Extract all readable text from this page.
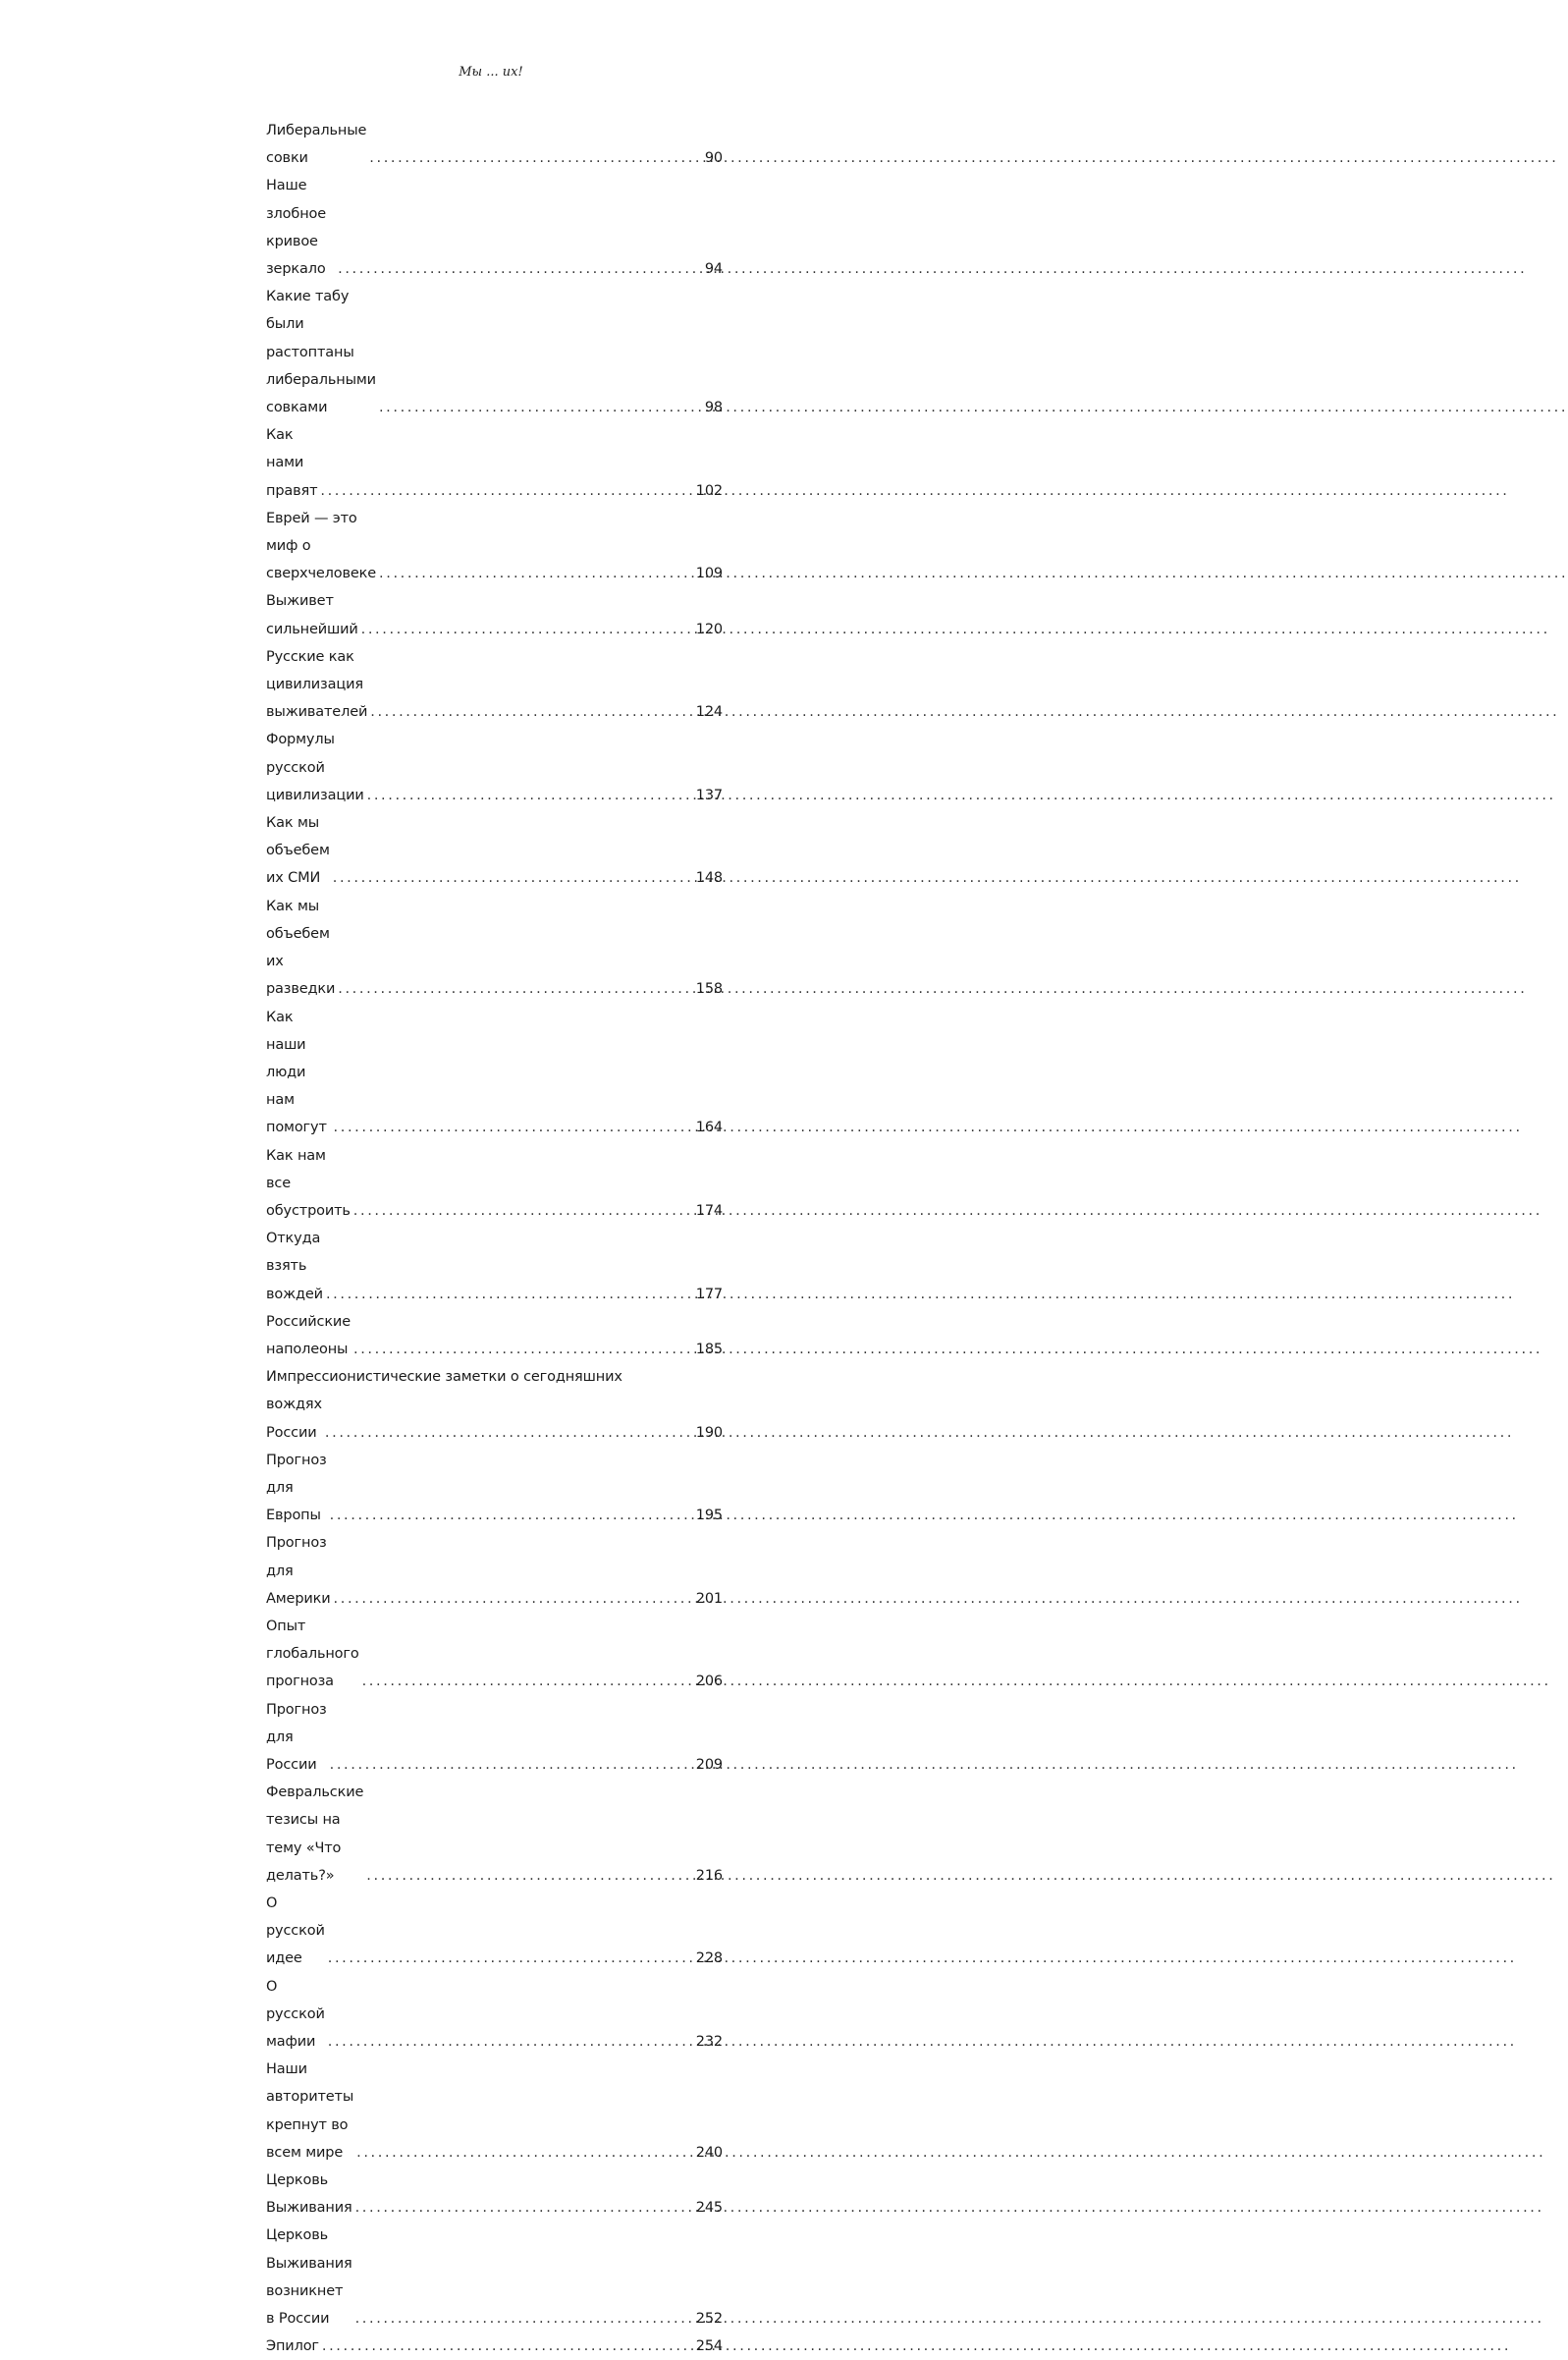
Мы ... их!
Либеральные совки .....	90
Наше злобное кривое зеркало .....	94
Какие табу были растоптаны либеральными совками .....	98
Как нами правят .....	102
Еврей — это миф о сверхчеловеке .....	109
Выживет сильнейший .....	120
Русские как цивилизация выживателей .....	124
Формулы русской цивилизации .....	137
Как мы объебем их СМИ .....	148
Как мы объебем их разведки .....	158
Как наши люди нам помогут .....	164
Как нам все обустроить .....	174
Откуда взять вождей .....	177
Российские наполеоны .....	185
Импрессионистические заметки о сегодняшних
вождях России .....	190
Прогноз для Европы .....	195
Прогноз для Америки .....	201
Опыт глобального прогноза .....	206
Прогноз для России .....	209
Февральские тезисы на тему «Что делать?» .....	216
О русской идее .....	228
О русской мафии .....	232
Наши авторитеты крепнут во всем мире .....	240
Церковь Выживания .....	245
Церковь Выживания возникнет в России .....	252
Эпилог .....	254
